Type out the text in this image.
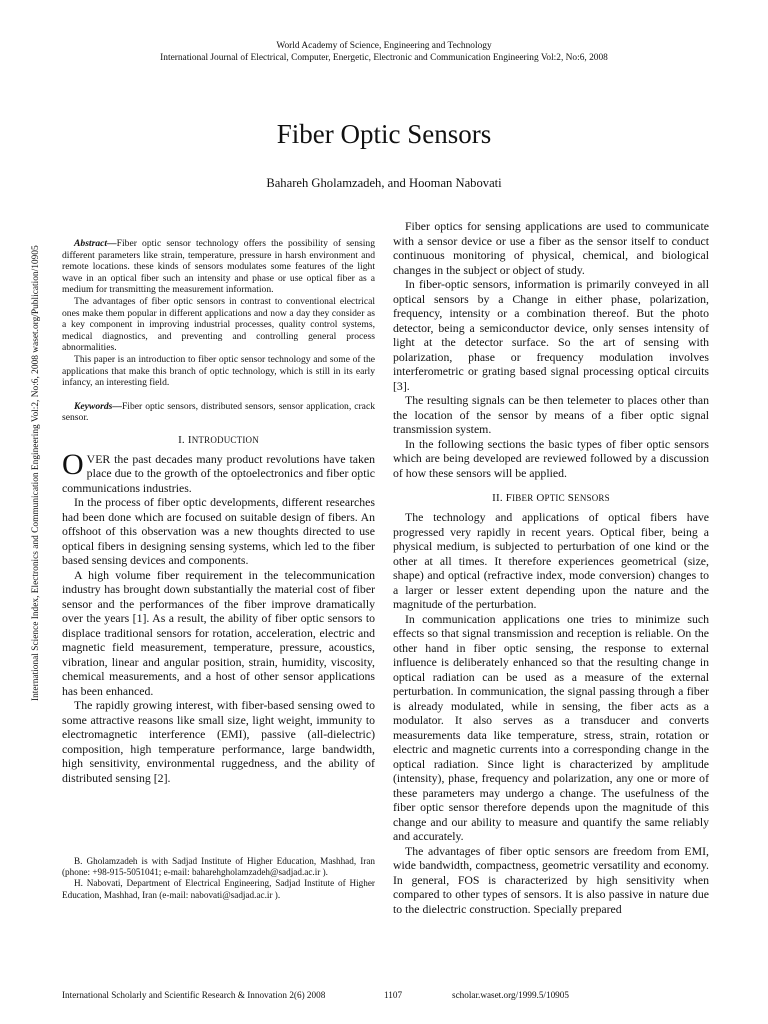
World Academy of Science, Engineering and Technology
International Journal of Electrical, Computer, Energetic, Electronic and Communication Engineering Vol:2, No:6, 2008
Fiber Optic Sensors
Bahareh Gholamzadeh, and Hooman Nabovati
International Science Index, Electronics and Communication Engineering Vol:2, No:6, 2008 waset.org/Publication/10905

Abstract—Fiber optic sensor technology offers the possibility of sensing different parameters like strain, temperature, pressure in harsh environment and remote locations. these kinds of sensors modulates some features of the light wave in an optical fiber such an intensity and phase or use optical fiber as a medium for transmitting the measurement information.

The advantages of fiber optic sensors in contrast to conventional electrical ones make them popular in different applications and now a day they consider as a key component in improving industrial processes, quality control systems, medical diagnostics, and preventing and controlling general process abnormalities.

This paper is an introduction to fiber optic sensor technology and some of the applications that make this branch of optic technology, which is still in its early infancy, an interesting field.

Keywords—Fiber optic sensors, distributed sensors, sensor application, crack sensor.

I. INTRODUCTION

OVER the past decades many product revolutions have taken place due to the growth of the optoelectronics and fiber optic communications industries.

In the process of fiber optic developments, different researches had been done which are focused on suitable design of fibers. An offshoot of this observation was a new thoughts directed to use optical fibers in designing sensing systems, which led to the fiber based sensing devices and components.

A high volume fiber requirement in the telecommunication industry has brought down substantially the material cost of fiber sensor and the performances of the fiber improve dramatically over the years [1]. As a result, the ability of fiber optic sensors to displace traditional sensors for rotation, acceleration, electric and magnetic field measurement, temperature, pressure, acoustics, vibration, linear and angular position, strain, humidity, viscosity, chemical measurements, and a host of other sensor applications has been enhanced.

The rapidly growing interest, with fiber-based sensing owed to some attractive reasons like small size, light weight, immunity to electromagnetic interference (EMI), passive (all-dielectric) composition, high temperature performance, large bandwidth, high sensitivity, environmental ruggedness, and the ability of distributed sensing [2].

B. Gholamzadeh is with Sadjad Institute of Higher Education, Mashhad, Iran (phone: +98-915-5051041; e-mail: baharehgholamzadeh@sadjad.ac.ir ).

H. Nabovati, Department of Electrical Engineering, Sadjad Institute of Higher Education, Mashhad, Iran (e-mail: nabovati@sadjad.ac.ir ).

Fiber optics for sensing applications are used to communicate with a sensor device or use a fiber as the sensor itself to conduct continuous monitoring of physical, chemical, and biological changes in the subject or object of study.

In fiber-optic sensors, information is primarily conveyed in all optical sensors by a Change in either phase, polarization, frequency, intensity or a combination thereof. But the photo detector, being a semiconductor device, only senses intensity of light at the detector surface. So the art of sensing with polarization, phase or frequency modulation involves interferometric or grating based signal processing optical circuits [3].

The resulting signals can be then telemeter to places other than the location of the sensor by means of a fiber optic signal transmission system.

In the following sections the basic types of fiber optic sensors which are being developed are reviewed followed by a discussion of how these sensors will be applied.

II. FIBER OPTIC SENSORS

The technology and applications of optical fibers have progressed very rapidly in recent years. Optical fiber, being a physical medium, is subjected to perturbation of one kind or the other at all times. It therefore experiences geometrical (size, shape) and optical (refractive index, mode conversion) changes to a larger or lesser extent depending upon the nature and the magnitude of the perturbation.

In communication applications one tries to minimize such effects so that signal transmission and reception is reliable. On the other hand in fiber optic sensing, the response to external influence is deliberately enhanced so that the resulting change in optical radiation can be used as a measure of the external perturbation. In communication, the signal passing through a fiber is already modulated, while in sensing, the fiber acts as a modulator. It also serves as a transducer and converts measurements data like temperature, stress, strain, rotation or electric and magnetic currents into a corresponding change in the optical radiation. Since light is characterized by amplitude (intensity), phase, frequency and polarization, any one or more of these parameters may undergo a change. The usefulness of the fiber optic sensor therefore depends upon the magnitude of this change and our ability to measure and quantify the same reliably and accurately.

The advantages of fiber optic sensors are freedom from EMI, wide bandwidth, compactness, geometric versatility and economy. In general, FOS is characterized by high sensitivity when compared to other types of sensors. It is also passive in nature due to the dielectric construction. Specially prepared

International Scholarly and Scientific Research & Innovation 2(6) 2008	1107	scholar.waset.org/1999.5/10905
